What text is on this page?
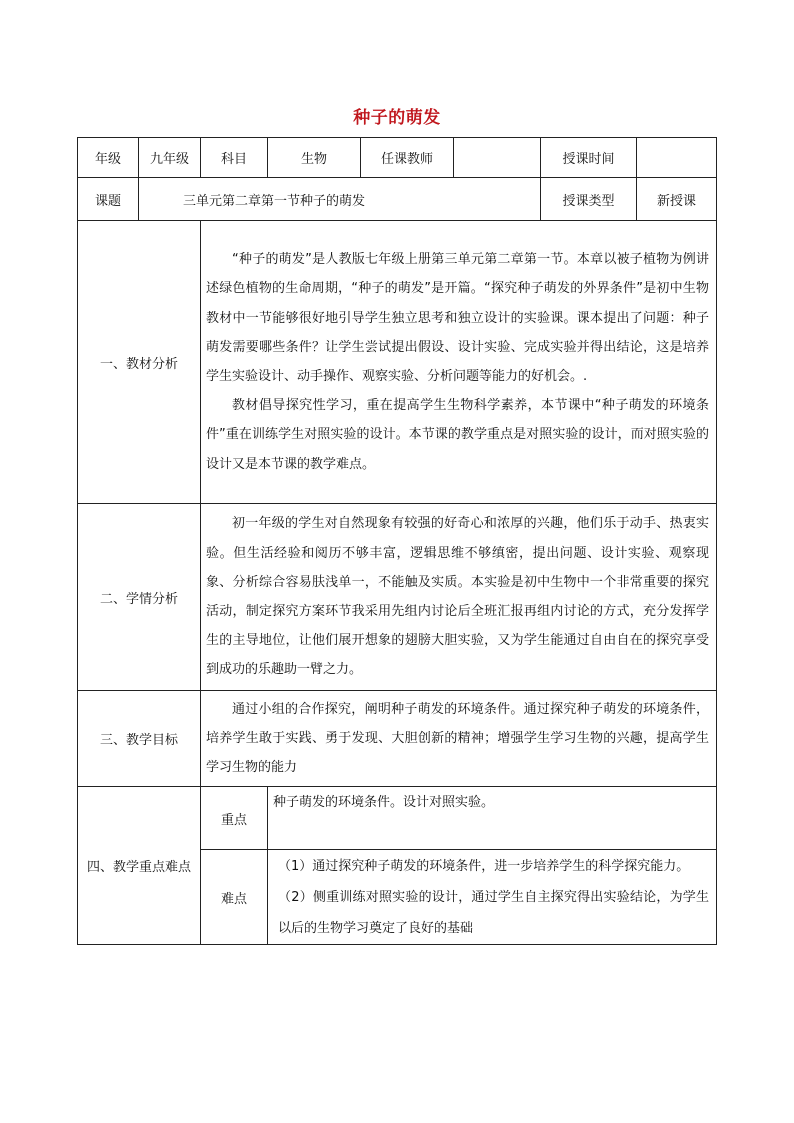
种子的萌发
年级	九年级	科目	生物	任课教师		授课时间	
课题	三单元第二章第一节种子的萌发					授课类型	新授课
一、教材分析		“种子的萌发”是人教版七年级上册第三单元第二章第一节。本章以被子植物为例讲述绿色植物的生命周期，“种子的萌发”是开篇。“探究种子萌发的外界条件”是初中生物教材中一节能够很好地引导学生独立思考和独立设计的实验课。课本提出了问题：种子萌发需要哪些条件？让学生尝试提出假设、设计实验、完成实验并得出结论，这是培养学生实验设计、动手操作、观察实验、分析问题等能力的好机会。.

教材倡导探究性学习，重在提高学生生物科学素养，本节课中“种子萌发的环境条件”重在训练学生对照实验的设计。本节课的教学重点是对照实验的设计，而对照实验的设计又是本节课的教学难点。					

二、学情分析		初一年级的学生对自然现象有较强的好奇心和浓厚的兴趣，他们乐于动手、热衷实验。但生活经验和阅历不够丰富，逻辑思维不够缜密，提出问题、设计实验、观察现象、分析综合容易肤浅单一，不能触及实质。本实验是初中生物中一个非常重要的探究活动，制定探究方案环节我采用先组内讨论后全班汇报再组内讨论的方式，充分发挥学生的主导地位，让他们展开想象的翅膀大胆实验，又为学生能通过自由自在的探究享受到成功的乐趣助一臂之力。					

三、教学目标		通过小组的合作探究，阐明种子萌发的环境条件。通过探究种子萌发的环境条件，培养学生敢于实践、勇于发现、大胆创新的精神；增强学生学习生物的兴趣，提高学生学习生物的能力					

四、教学重点难点		重点	种子萌发的环境条件。设计对照实验。				

		难点	（1）通过探究种子萌发的环境条件，进一步培养学生的科学探究能力。

（2）侧重训练对照实验的设计，通过学生自主探究得出实验结论，为学生以后的生物学习奠定了良好的基础				
